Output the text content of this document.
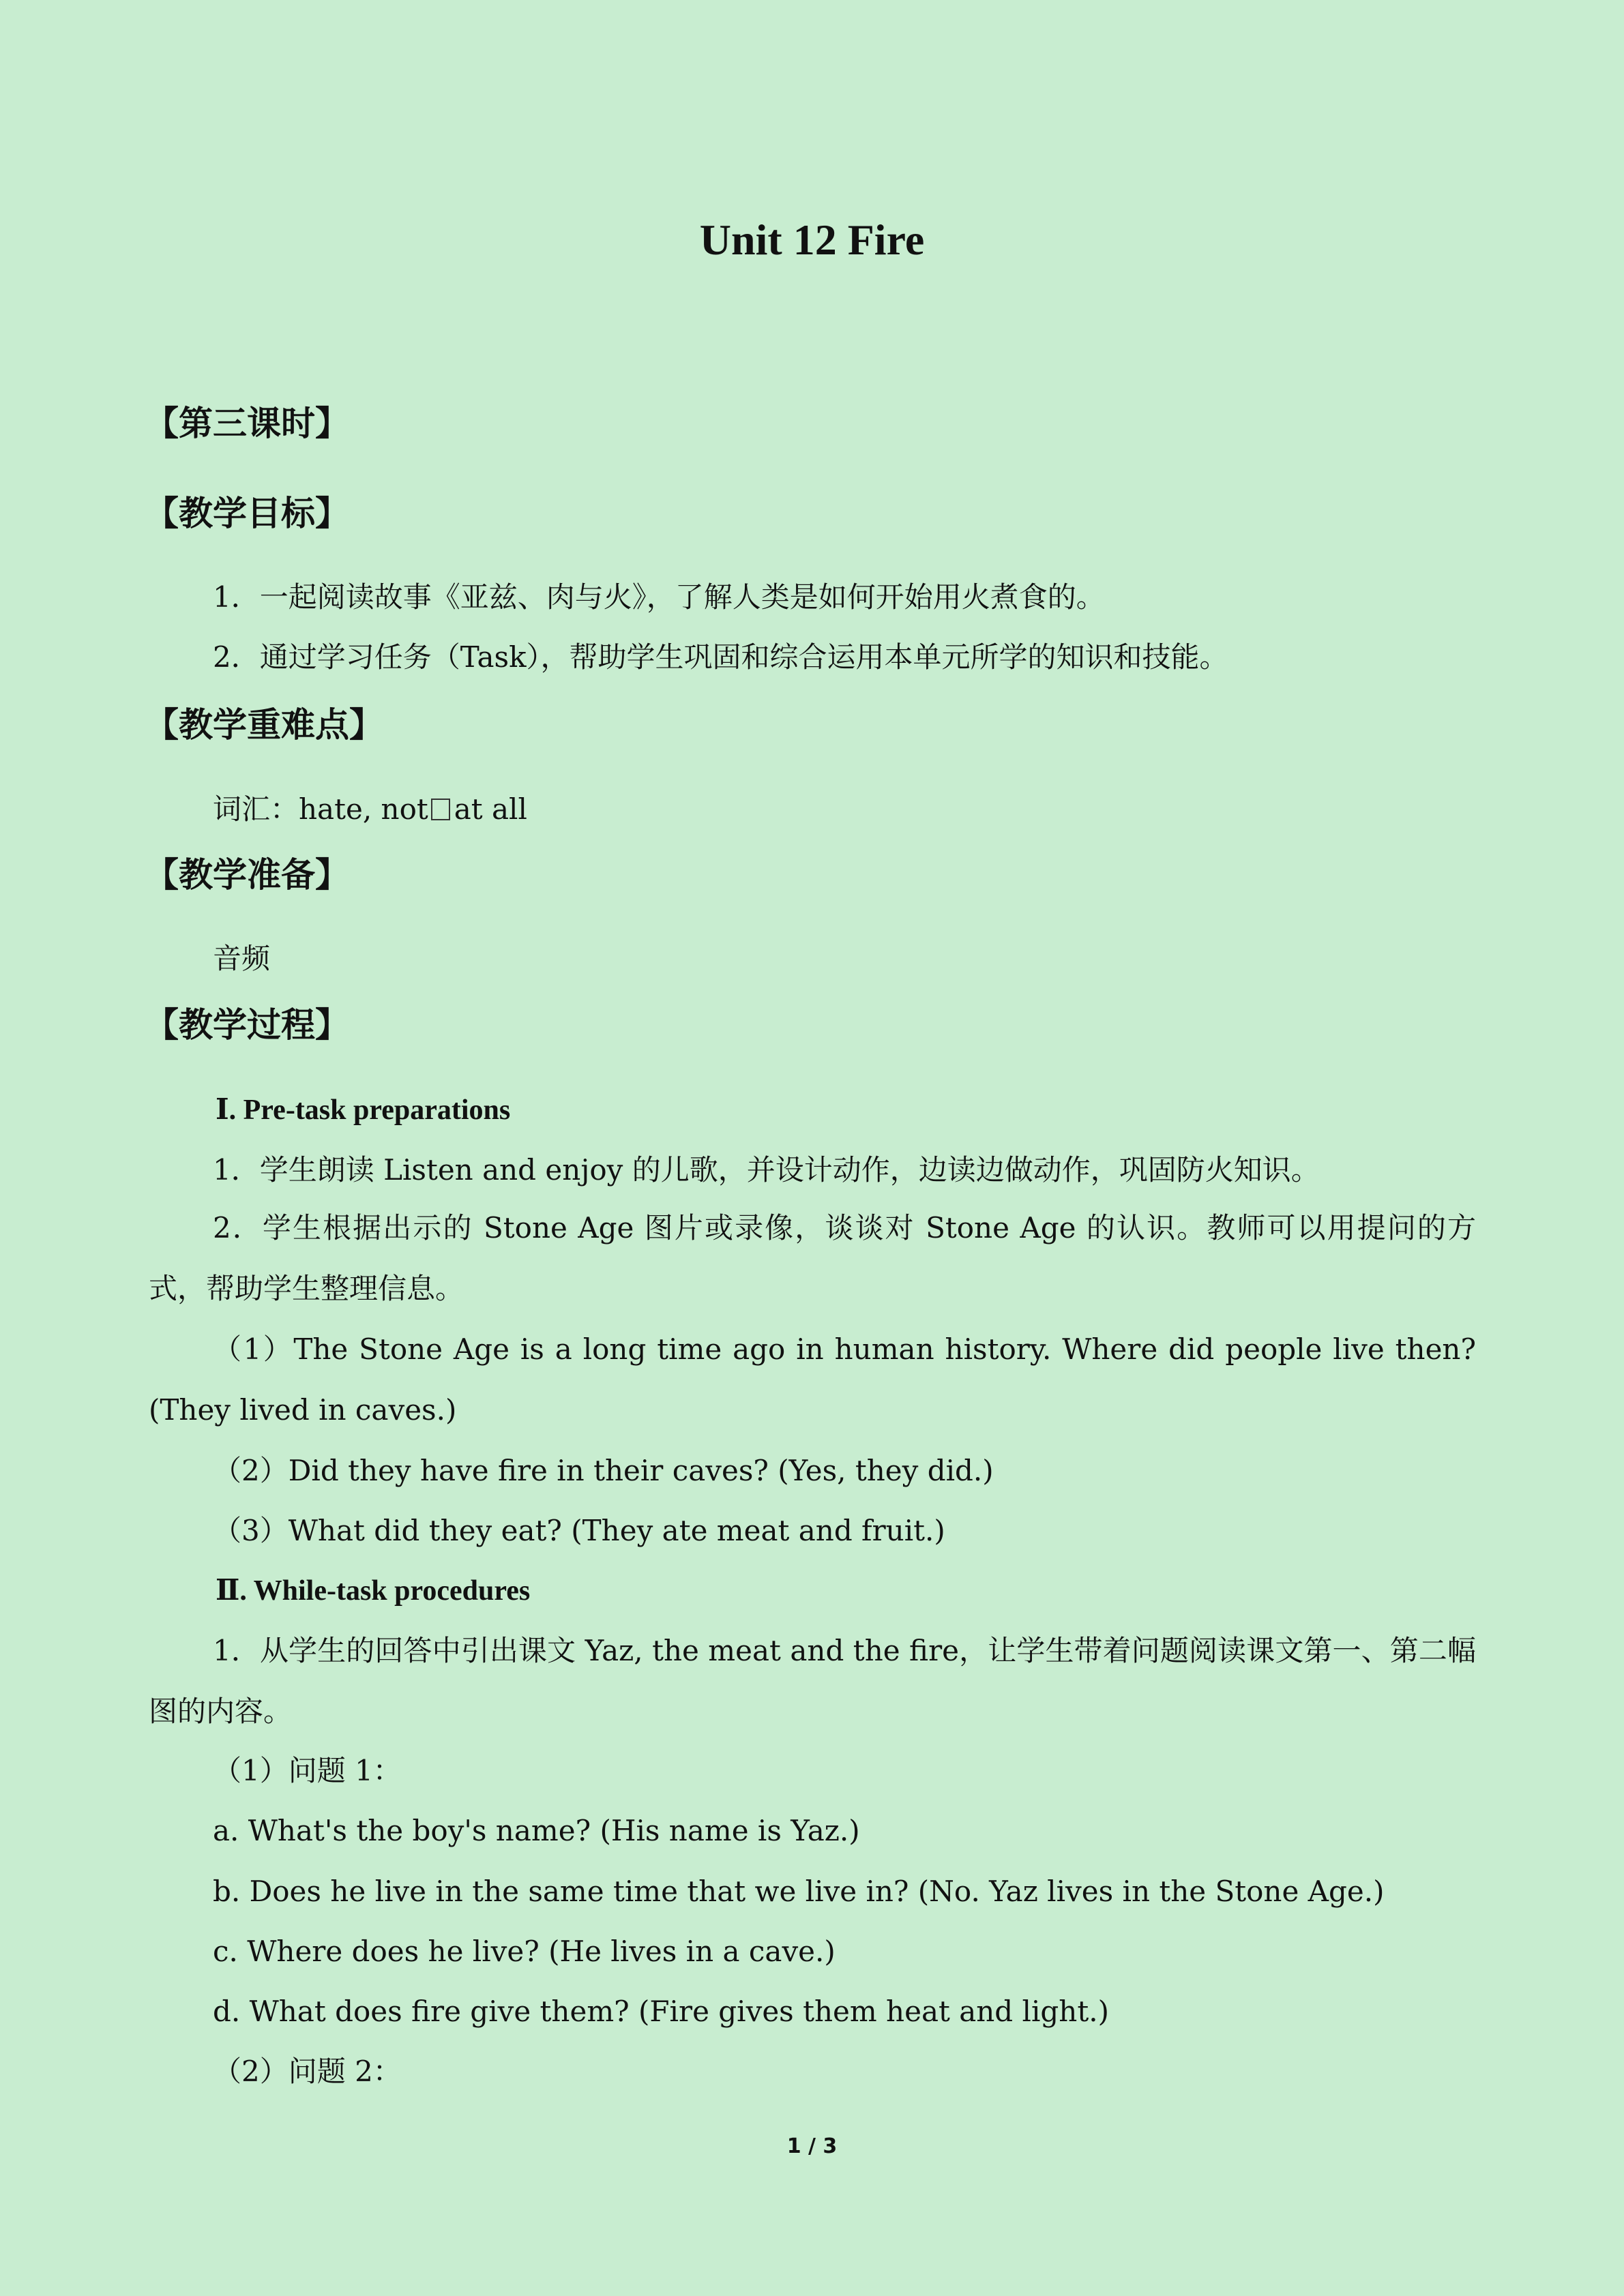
Unit 12 Fire
【第三课时】
【教学目标】
1．一起阅读故事《亚兹、肉与火》，了解人类是如何开始用火煮食的。
2．通过学习任务（Task），帮助学生巩固和综合运用本单元所学的知识和技能。
【教学重难点】
词汇：hate, not at all
【教学准备】
音频
【教学过程】
Ⅰ. Pre-task preparations
1．学生朗读 Listen and enjoy 的儿歌，并设计动作，边读边做动作，巩固防火知识。
2．学生根据出示的 Stone Age 图片或录像，谈谈对 Stone Age 的认识。教师可以用提问的方式，帮助学生整理信息。
（1）The Stone Age is a long time ago in human history. Where did people live then? (They lived in caves.)
（2）Did they have fire in their caves? (Yes, they did.)
（3）What did they eat? (They ate meat and fruit.)
Ⅱ. While-task procedures
1．从学生的回答中引出课文 Yaz, the meat and the fire，让学生带着问题阅读课文第一、第二幅图的内容。
（1）问题 1：
a. What's the boy's name? (His name is Yaz.)
b. Does he live in the same time that we live in? (No. Yaz lives in the Stone Age.)
c. Where does he live? (He lives in a cave.)
d. What does fire give them? (Fire gives them heat and light.)
（2）问题 2：
1 / 3
